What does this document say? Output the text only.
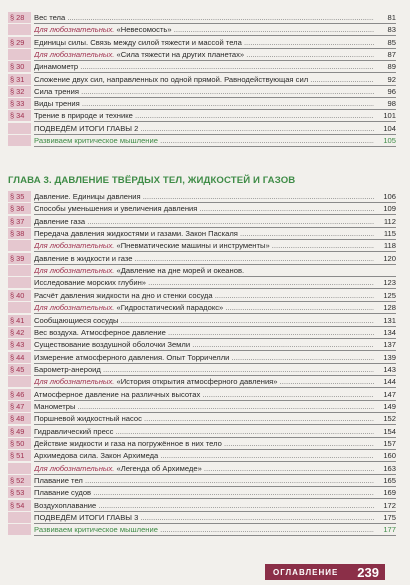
§ 28	Вес тела .....	81
Для любознательных. «Невесомость» .....	83
§ 29	Единицы силы. Связь между силой тяжести и массой тела .....	85
Для любознательных. «Сила тяжести на других планетах» .....	87
§ 30	Динамометр .....	89
§ 31	Сложение двух сил, направленных по одной прямой. Равнодействующая сил .....	92
§ 32	Сила трения .....	96
§ 33	Виды трения .....	98
§ 34	Трение в природе и технике .....	101
ПОДВЕДЁМ ИТОГИ ГЛАВЫ 2 .....	104
Развиваем критическое мышление .....	105
ГЛАВА 3. ДАВЛЕНИЕ ТВЁРДЫХ ТЕЛ, ЖИДКОСТЕЙ И ГАЗОВ
§ 35	Давление. Единицы давления .....	106
§ 36	Способы уменьшения и увеличения давления .....	109
§ 37	Давление газа .....	112
§ 38	Передача давления жидкостями и газами. Закон Паскаля .....	115
Для любознательных. «Пневматические машины и инструменты» .....	118
§ 39	Давление в жидкости и газе .....	120
Для любознательных. «Давление на дне морей и океанов.
Исследование морских глубин» .....	123
§ 40	Расчёт давления жидкости на дно и стенки сосуда .....	125
Для любознательных. «Гидростатический парадокс» .....	128
§ 41	Сообщающиеся сосуды .....	131
§ 42	Вес воздуха. Атмосферное давление .....	134
§ 43	Существование воздушной оболочки Земли .....	137
§ 44	Измерение атмосферного давления. Опыт Торричелли .....	139
§ 45	Барометр-анероид .....	143
Для любознательных. «История открытия атмосферного давления» .....	144
§ 46	Атмосферное давление на различных высотах .....	147
§ 47	Манометры .....	149
§ 48	Поршневой жидкостный насос .....	152
§ 49	Гидравлический пресс .....	154
§ 50	Действие жидкости и газа на погружённое в них тело .....	157
§ 51	Архимедова сила. Закон Архимеда .....	160
Для любознательных. «Легенда об Архимеде» .....	163
§ 52	Плавание тел .....	165
§ 53	Плавание судов .....	169
§ 54	Воздухоплавание .....	172
ПОДВЕДЁМ ИТОГИ ГЛАВЫ 3 .....	175
Развиваем критическое мышление .....	177
ОГЛАВЛЕНИЕ 239
